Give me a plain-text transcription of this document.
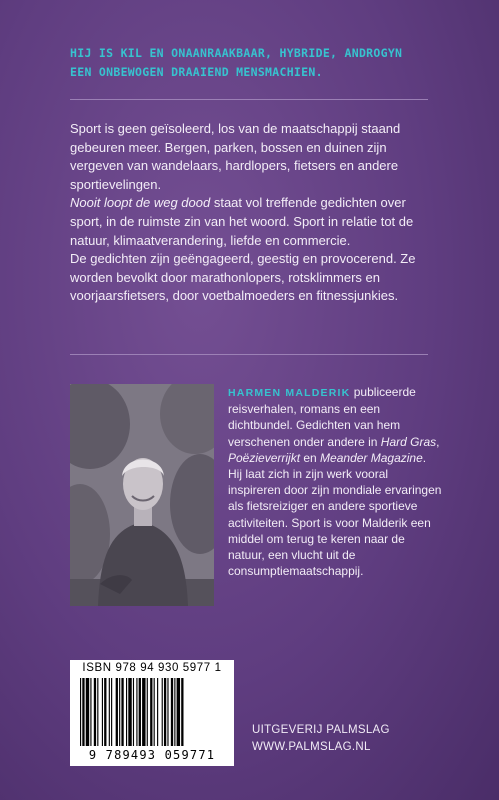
HIJ IS KIL EN ONAANRAAKBAAR, HYBRIDE, ANDROGYN
EEN ONBEWOGEN DRAAIEND MENSMACHIEN.

Sport is geen geïsoleerd, los van de maatschappij staand gebeuren meer. Bergen, parken, bossen en duinen zijn vergeven van wandelaars, hardlopers, fietsers en andere sportievelingen.

Nooit loopt de weg dood staat vol treffende gedichten over sport, in de ruimste zin van het woord. Sport in relatie tot de natuur, klimaatverandering, liefde en commercie.

De gedichten zijn geëngageerd, geestig en provocerend. Ze worden bevolkt door marathonlopers, rotsklimmers en voorjaarsfietsers, door voetbalmoeders en fitnessjunkies.

HARMEN MALDERIK publiceerde reisverhalen, romans en een dichtbundel. Gedichten van hem verschenen onder andere in Hard Gras, Poëzieverrijkt en Meander Magazine. Hij laat zich in zijn werk vooral inspireren door zijn mondiale ervaringen als fietsreiziger en andere sportieve activiteiten. Sport is voor Malderik een middel om terug te keren naar de natuur, een vlucht uit de consumptiemaatschappij.

ISBN 978 94 930 5977 1
9 789493 059771
UITGEVERIJ PALMSLAG
WWW.PALMSLAG.NL
